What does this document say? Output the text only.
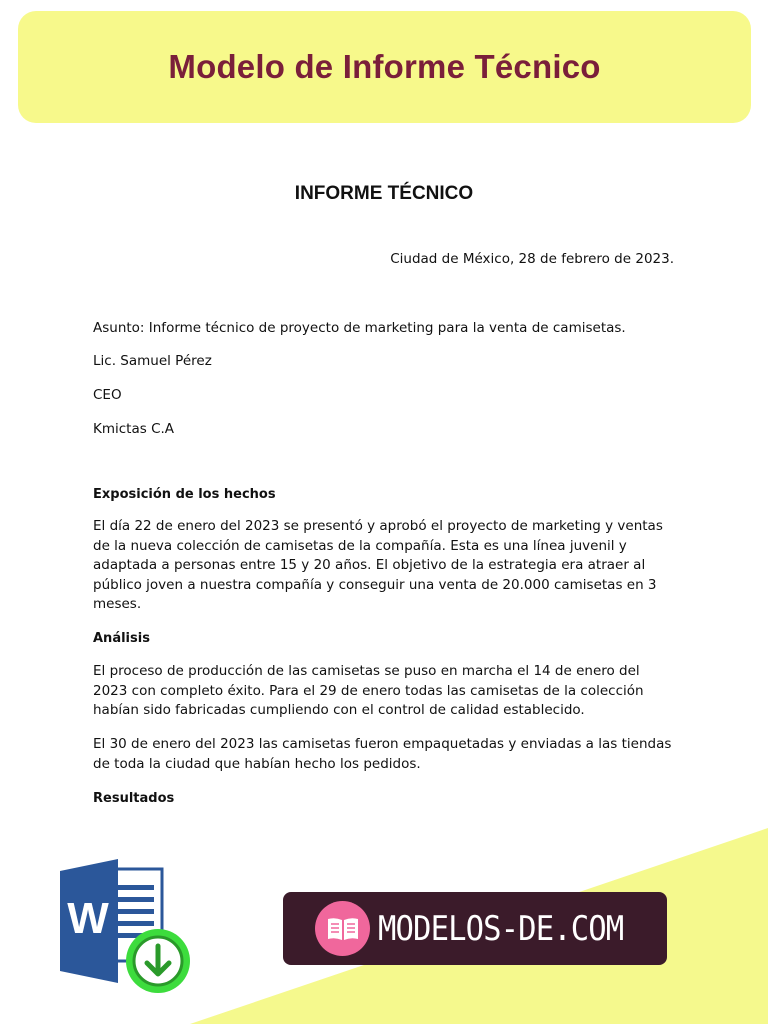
Modelo de Informe Técnico
INFORME TÉCNICO
Ciudad de México, 28 de febrero de 2023.

Asunto: Informe técnico de proyecto de marketing para la venta de camisetas.

Lic. Samuel Pérez

CEO

Kmictas C.A

Exposición de los hechos

El día 22 de enero del 2023 se presentó y aprobó el proyecto de marketing y ventas de la nueva colección de camisetas de la compañía. Esta es una línea juvenil y adaptada a personas entre 15 y 20 años. El objetivo de la estrategia era atraer al público joven a nuestra compañía y conseguir una venta de 20.000 camisetas en 3 meses.

Análisis

El proceso de producción de las camisetas se puso en marcha el 14 de enero del 2023 con completo éxito. Para el 29 de enero todas las camisetas de la colección habían sido fabricadas cumpliendo con el control de calidad establecido.

El 30 de enero del 2023 las camisetas fueron empaquetadas y enviadas a las tiendas de toda la ciudad que habían hecho los pedidos.

Resultados

W	MODELOS-DE.COM
